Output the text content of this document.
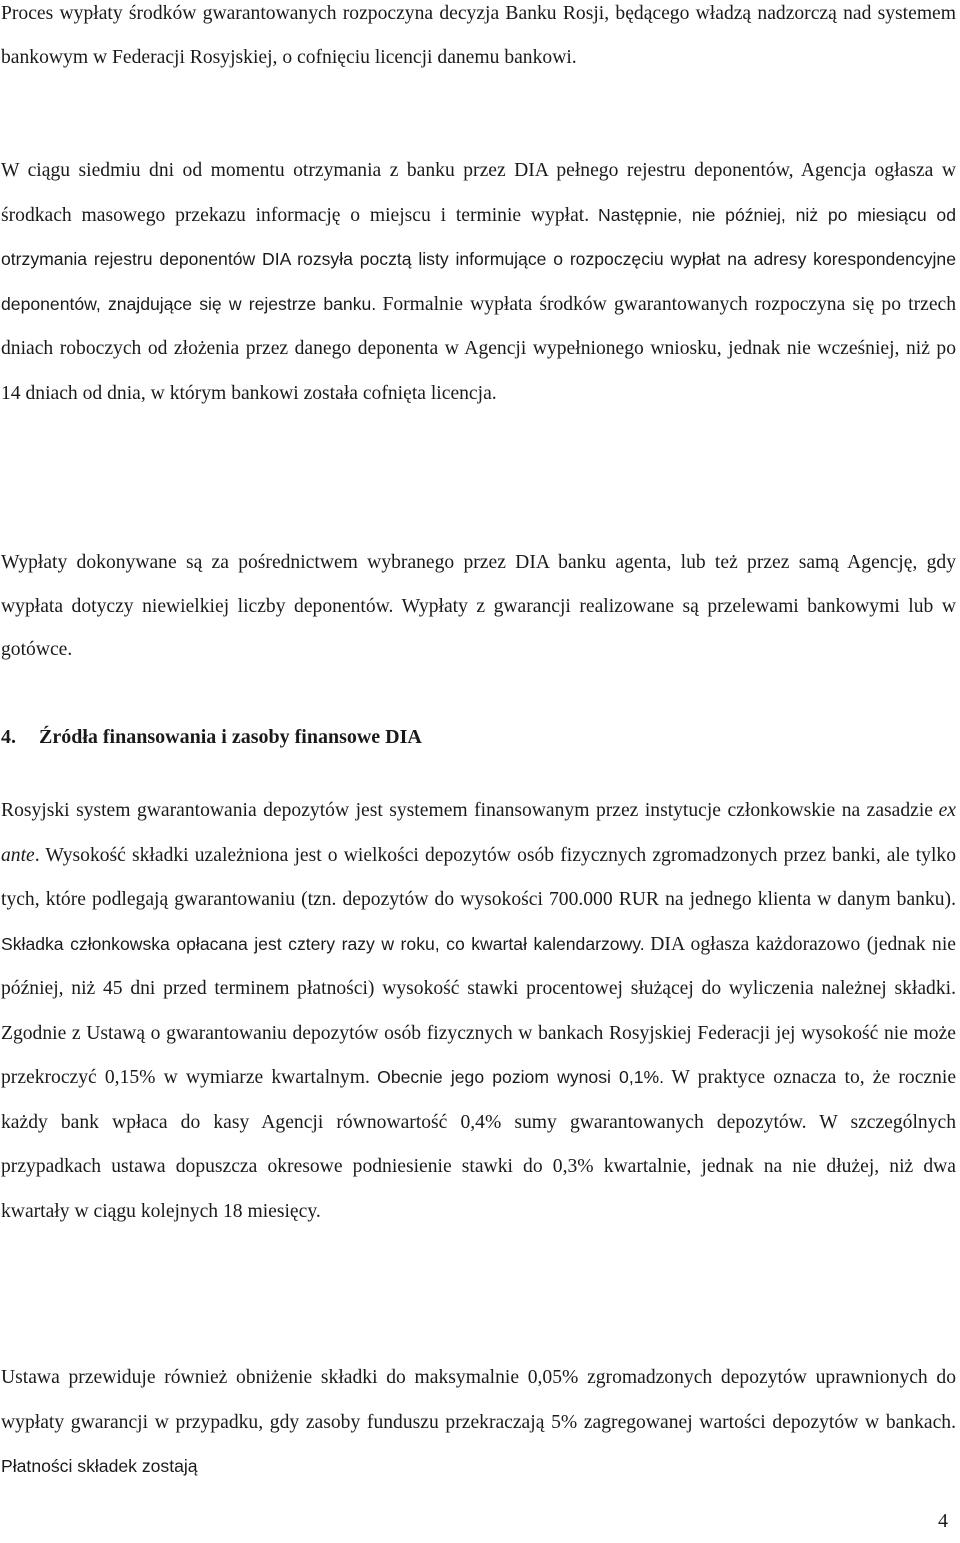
Proces wypłaty środków gwarantowanych rozpoczyna decyzja Banku Rosji, będącego władzą nadzorczą nad systemem bankowym w Federacji Rosyjskiej, o cofnięciu licencji danemu bankowi.

W ciągu siedmiu dni od momentu otrzymania z banku przez DIA pełnego rejestru deponentów, Agencja ogłasza w środkach masowego przekazu informację o miejscu i terminie wypłat. Następnie, nie później, niż po miesiącu od otrzymania rejestru deponentów DIA rozsyła pocztą listy informujące o rozpoczęciu wypłat na adresy korespondencyjne deponentów, znajdujące się w rejestrze banku. Formalnie wypłata środków gwarantowanych rozpoczyna się po trzech dniach roboczych od złożenia przez danego deponenta w Agencji wypełnionego wniosku, jednak nie wcześniej, niż po 14 dniach od dnia, w którym bankowi została cofnięta licencja.

Wypłaty dokonywane są za pośrednictwem wybranego przez DIA banku agenta, lub też przez samą Agencję, gdy wypłata dotyczy niewielkiej liczby deponentów. Wypłaty z gwarancji realizowane są przelewami bankowymi lub w gotówce.

4. Źródła finansowania i zasoby finansowe DIA

Rosyjski system gwarantowania depozytów jest systemem finansowanym przez instytucje członkowskie na zasadzie ex ante. Wysokość składki uzależniona jest o wielkości depozytów osób fizycznych zgromadzonych przez banki, ale tylko tych, które podlegają gwarantowaniu (tzn. depozytów do wysokości 700.000 RUR na jednego klienta w danym banku). Składka członkowska opłacana jest cztery razy w roku, co kwartał kalendarzowy. DIA ogłasza każdorazowo (jednak nie później, niż 45 dni przed terminem płatności) wysokość stawki procentowej służącej do wyliczenia należnej składki. Zgodnie z Ustawą o gwarantowaniu depozytów osób fizycznych w bankach Rosyjskiej Federacji jej wysokość nie może przekroczyć 0,15% w wymiarze kwartalnym. Obecnie jego poziom wynosi 0,1%. W praktyce oznacza to, że rocznie każdy bank wpłaca do kasy Agencji równowartość 0,4% sumy gwarantowanych depozytów. W szczególnych przypadkach ustawa dopuszcza okresowe podniesienie stawki do 0,3% kwartalnie, jednak na nie dłużej, niż dwa kwartały w ciągu kolejnych 18 miesięcy.

Ustawa przewiduje również obniżenie składki do maksymalnie 0,05% zgromadzonych depozytów uprawnionych do wypłaty gwarancji w przypadku, gdy zasoby funduszu przekraczają 5% zagregowanej wartości depozytów w bankach. Płatności składek zostają

4
